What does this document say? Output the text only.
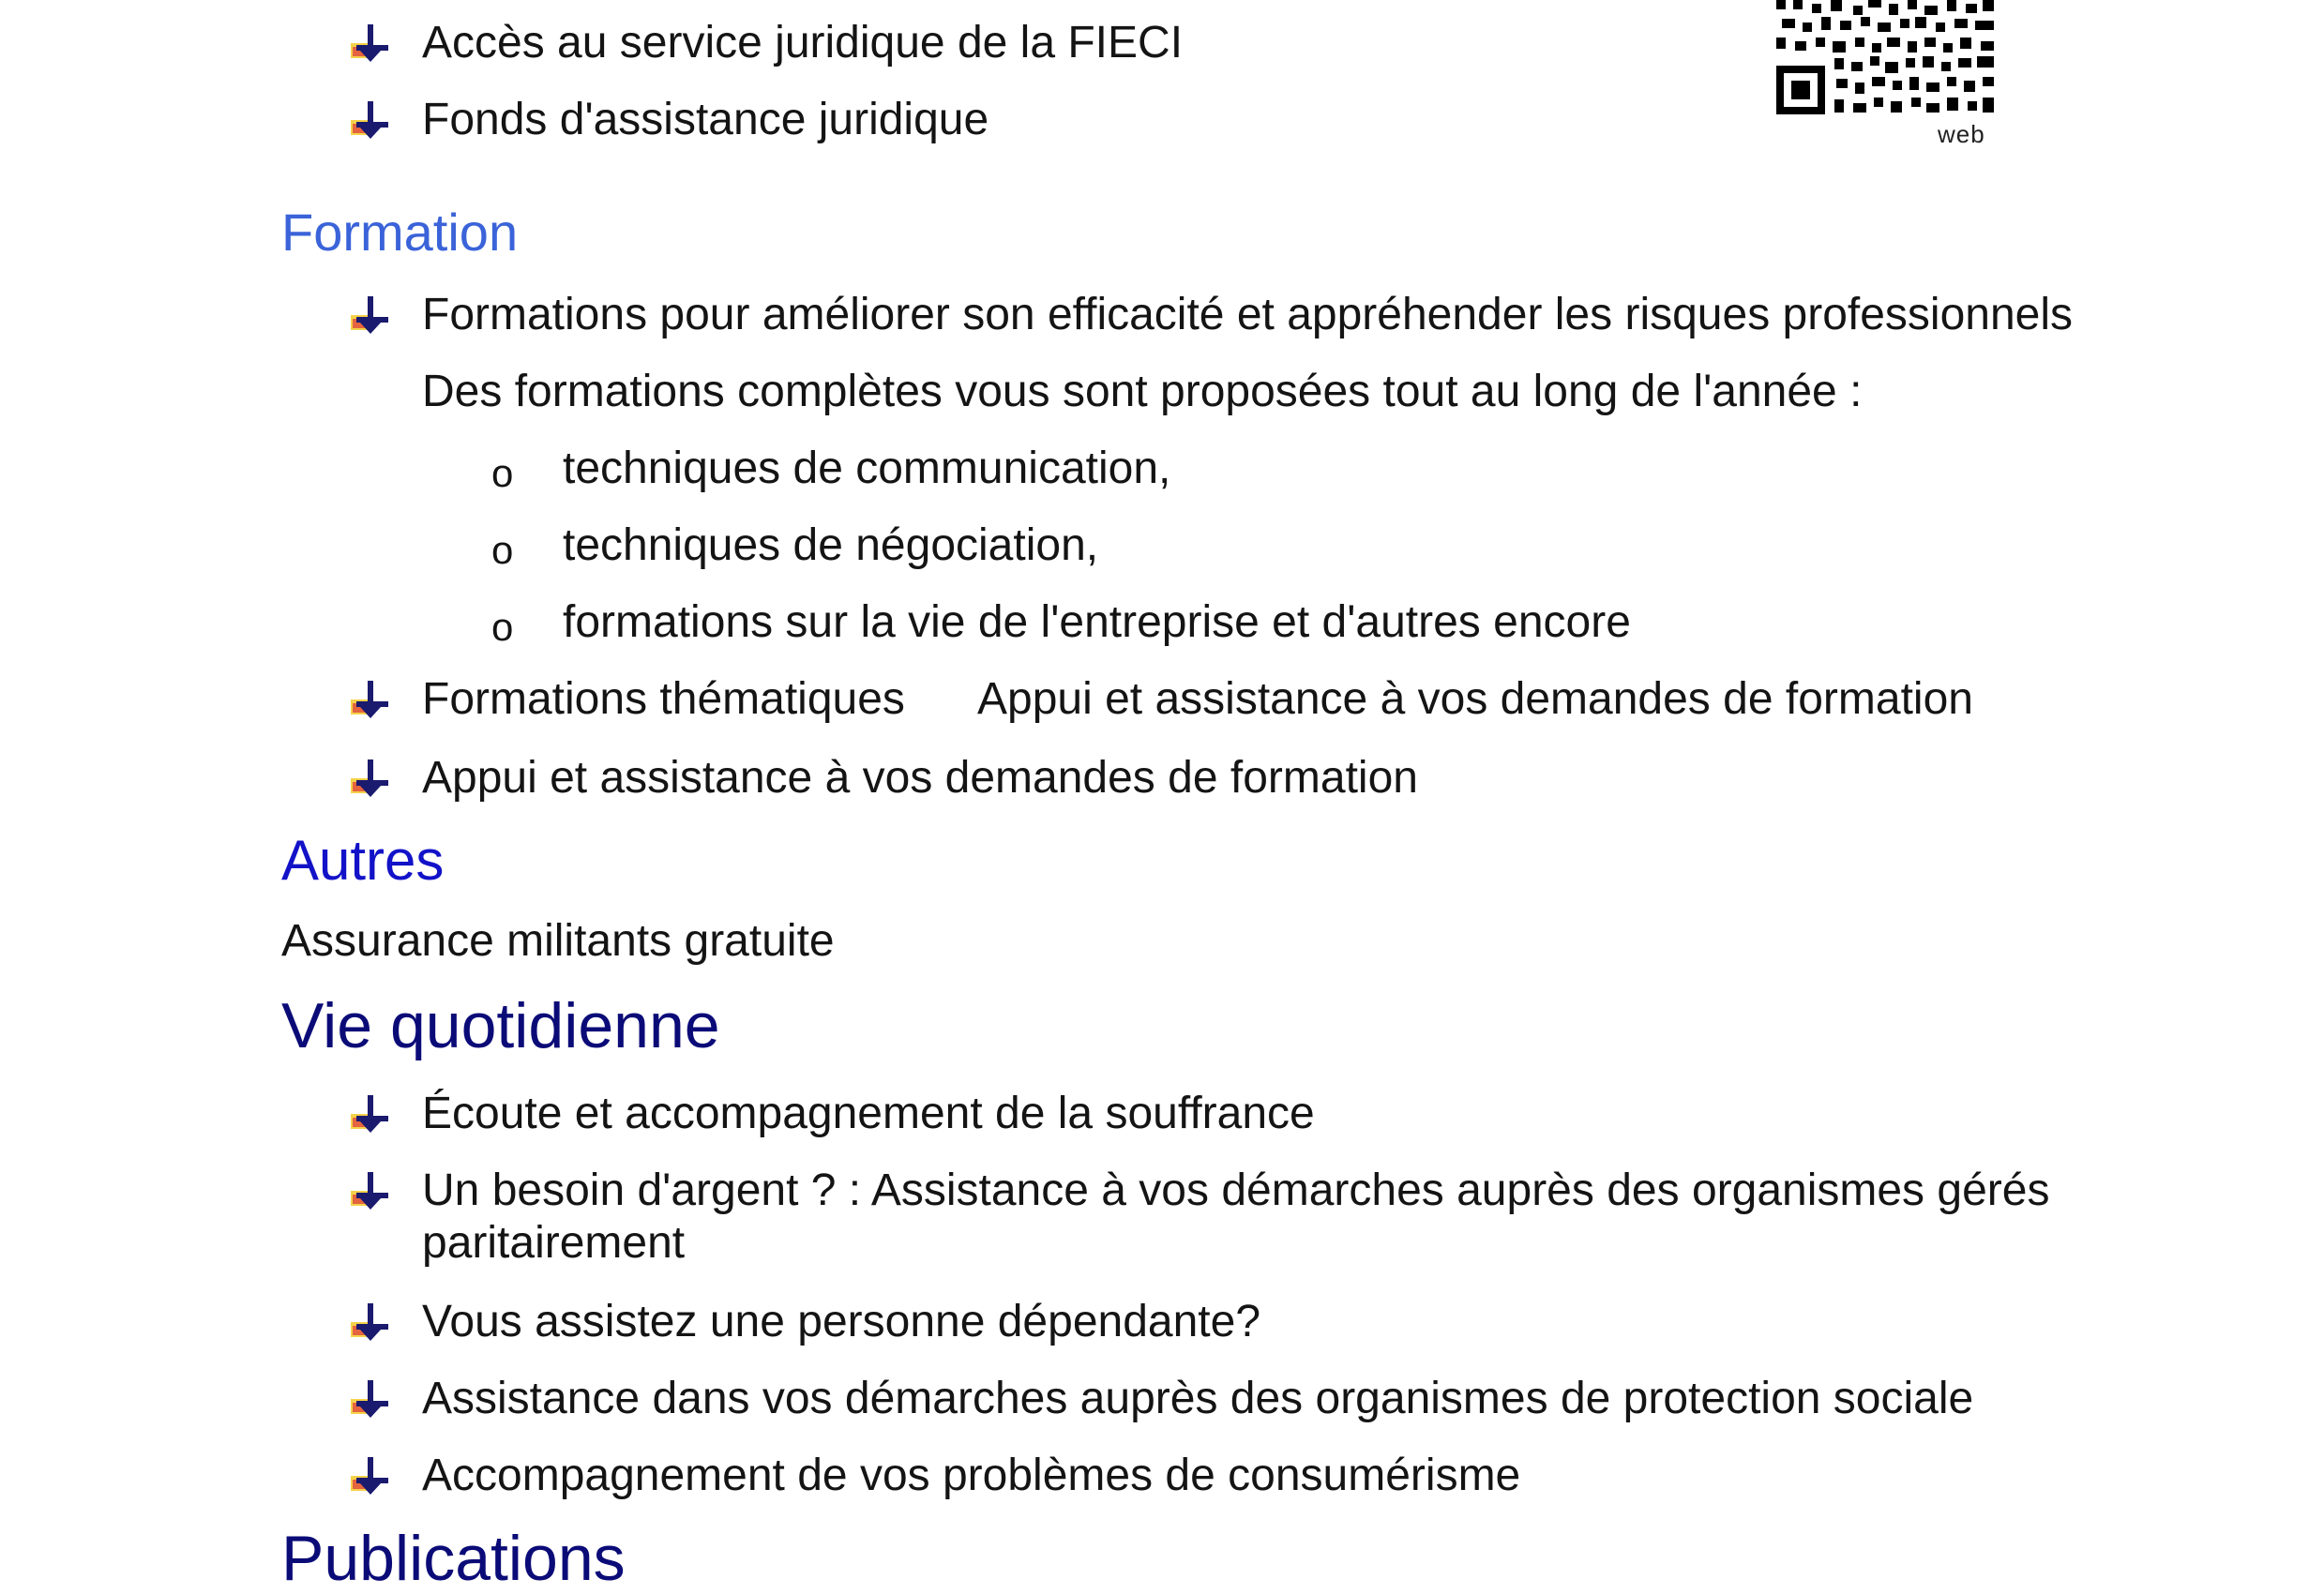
web
Accès au service juridique de la FIECI
Fonds d'assistance juridique
Formation
Formations pour améliorer son efficacité et appréhender les risques professionnels
Des formations complètes vous sont proposées tout au long de l'année :
o techniques de communication,
o techniques de négociation,
o formations sur la vie de l'entreprise et d'autres encore
Formations thématiques Appui et assistance à vos demandes de formation
Appui et assistance à vos demandes de formation
Autres
Assurance militants gratuite
Vie quotidienne
Écoute et accompagnement de la souffrance
Un besoin d'argent ? : Assistance à vos démarches auprès des organismes gérés
paritairement
Vous assistez une personne dépendante?
Assistance dans vos démarches auprès des organismes de protection sociale
Accompagnement de vos problèmes de consumérisme
Publications
